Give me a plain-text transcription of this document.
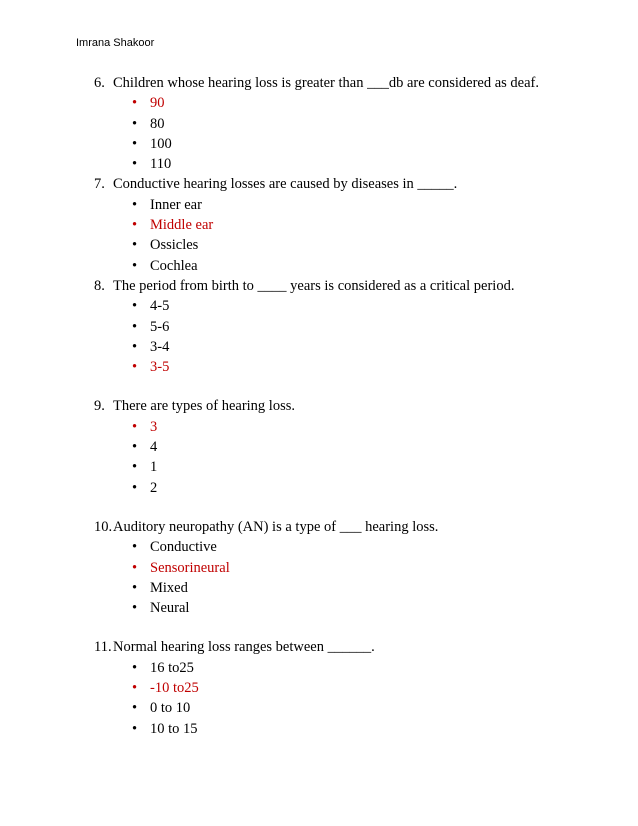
Imrana Shakoor
6. Children whose hearing loss is greater than ___db are considered as deaf.
• 90
• 80
• 100
• 110
7. Conductive hearing losses are caused by diseases in _____.
• Inner ear
• Middle ear
• Ossicles
• Cochlea
8. The period from birth to ____ years is considered as a critical period.
• 4-5
• 5-6
• 3-4
• 3-5
9. There are types of hearing loss.
• 3
• 4
• 1
• 2
10. Auditory neuropathy (AN) is a type of ___ hearing loss.
• Conductive
• Sensorineural
• Mixed
• Neural
11. Normal hearing loss ranges between ______.
• 16 to25
• -10 to25
• 0 to 10
• 10 to 15
